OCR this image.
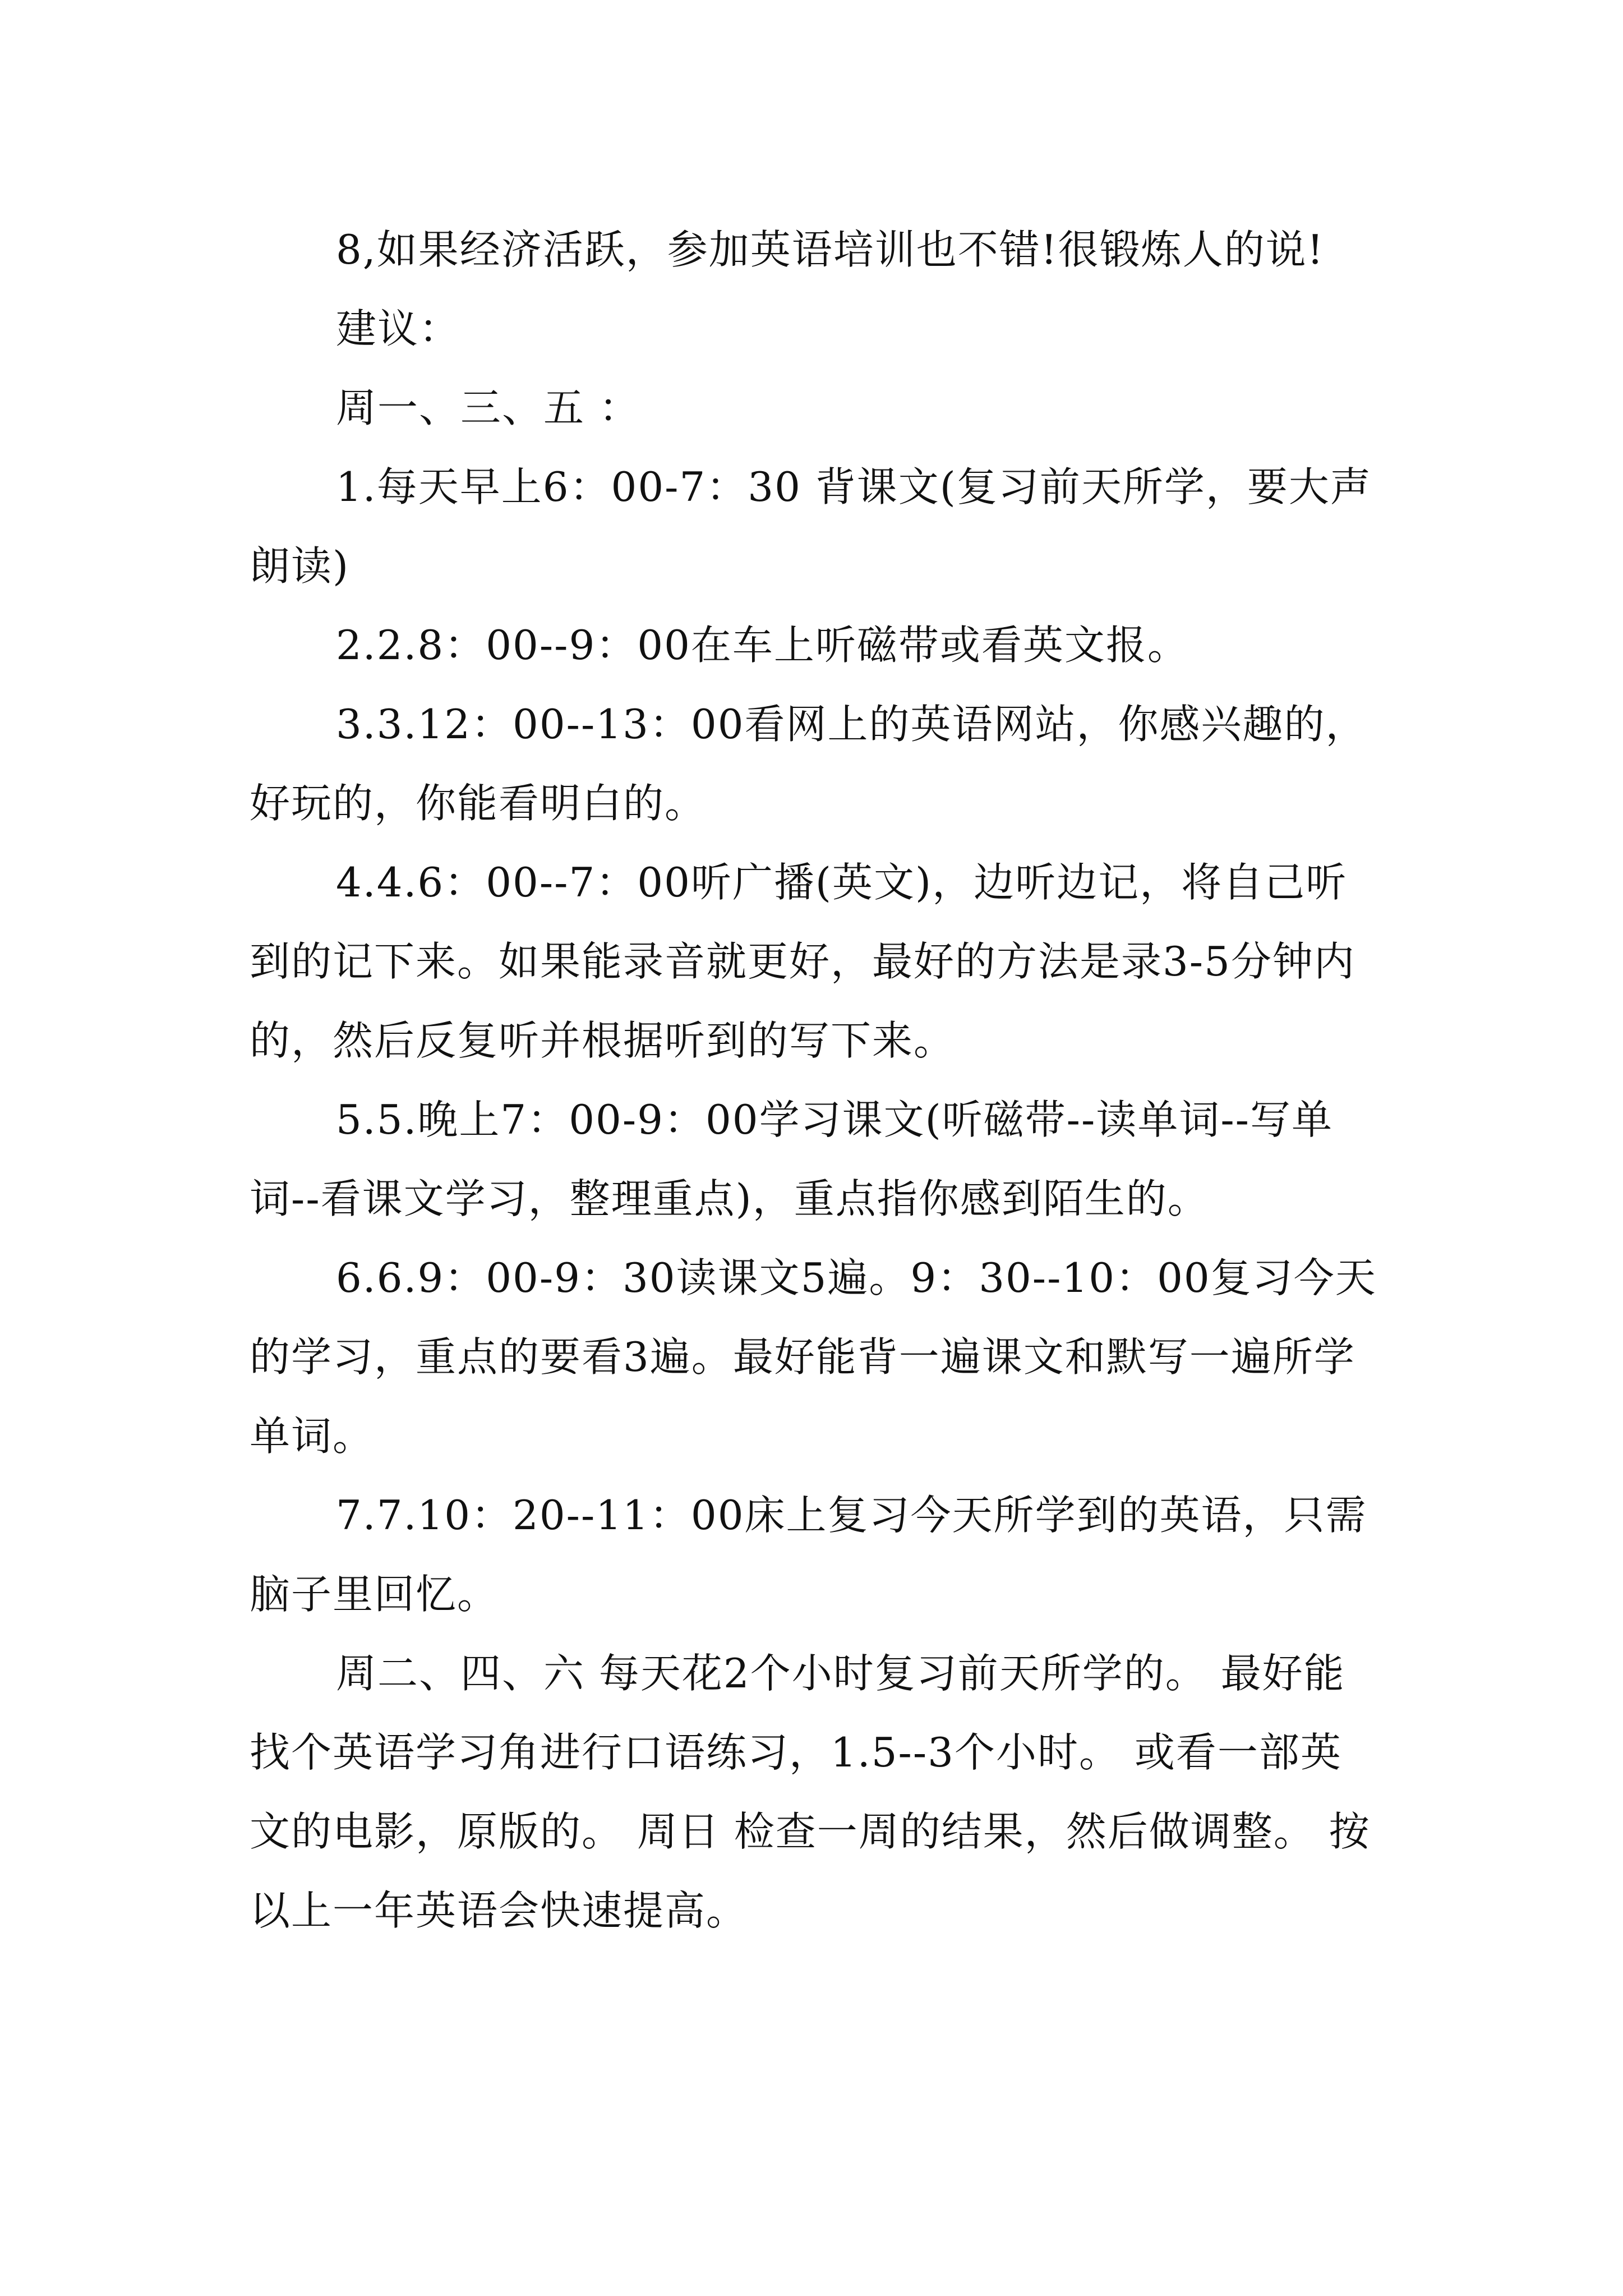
8,如果经济活跃，参加英语培训也不错!很锻炼人的说!

建议：

周一、三、五 ：

1.每天早上6：00-7：30 背课文(复习前天所学，要大声朗读)

2.2.8：00--9：00在车上听磁带或看英文报。

3.3.12：00--13：00看网上的英语网站，你感兴趣的，好玩的，你能看明白的。

4.4.6：00--7：00听广播(英文)，边听边记，将自己听到的记下来。如果能录音就更好，最好的方法是录3-5分钟内的，然后反复听并根据听到的写下来。

5.5.晚上7：00-9：00学习课文(听磁带--读单词--写单词--看课文学习，整理重点)，重点指你感到陌生的。

6.6.9：00-9：30读课文5遍。9：30--10：00复习今天的学习，重点的要看3遍。最好能背一遍课文和默写一遍所学单词。

7.7.10：20--11：00床上复习今天所学到的英语，只需脑子里回忆。

周二、四、六 每天花2个小时复习前天所学的。 最好能找个英语学习角进行口语练习，1.5--3个小时。 或看一部英文的电影，原版的。 周日 检查一周的结果，然后做调整。 按以上一年英语会快速提高。
